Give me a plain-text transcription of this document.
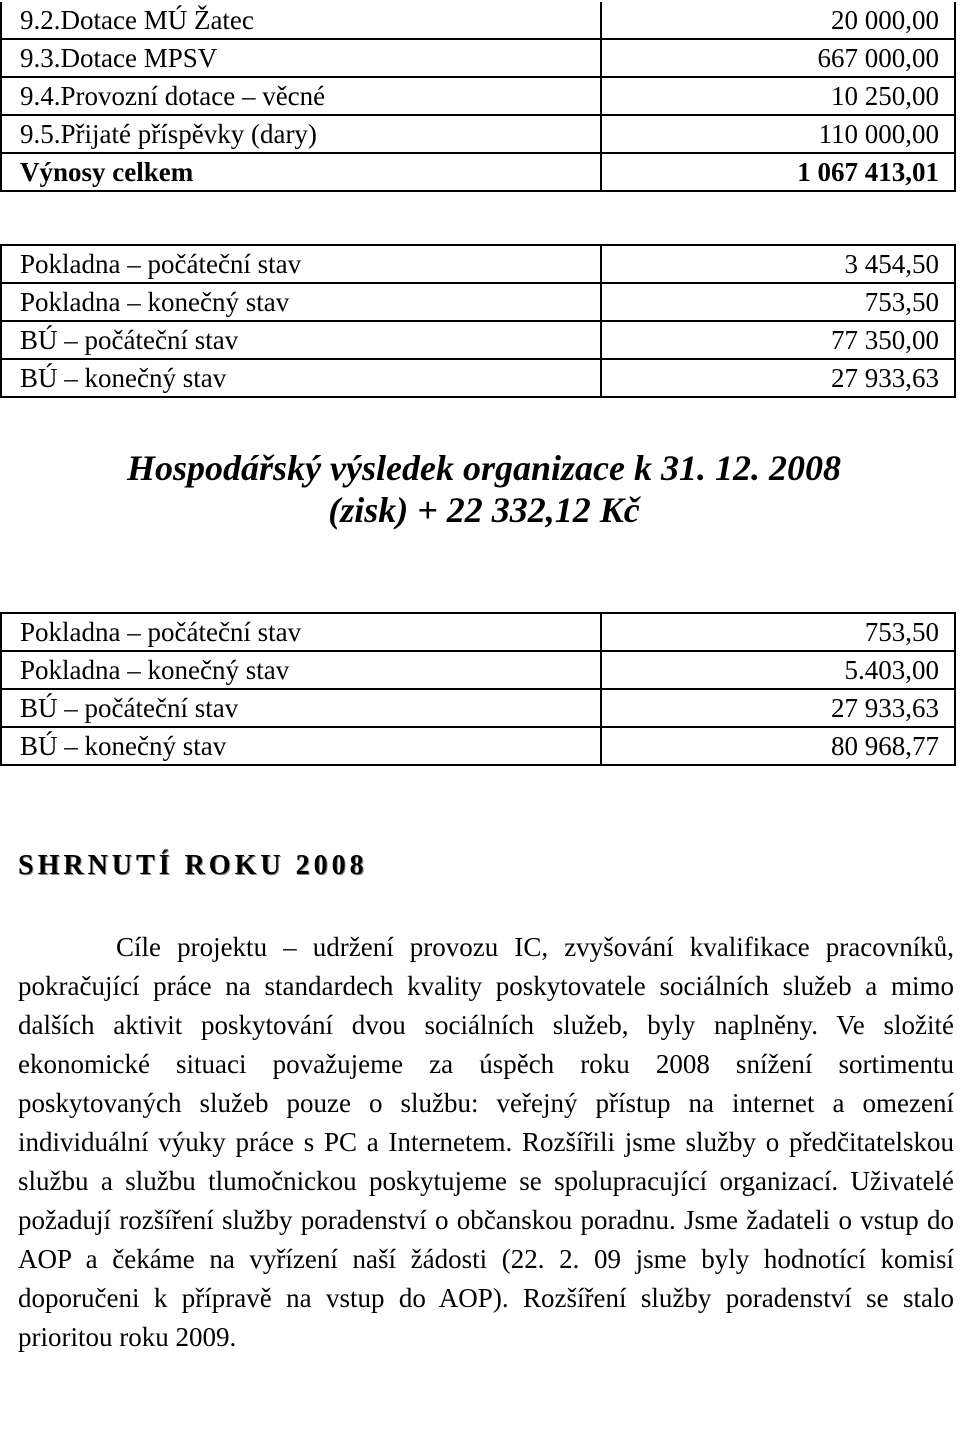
9.2.Dotace MÚ Žatec	20 000,00
9.3.Dotace MPSV	667 000,00
9.4.Provozní dotace – věcné	10 250,00
9.5.Přijaté příspěvky (dary)	110 000,00
Výnosy celkem	1 067 413,01
Pokladna – počáteční stav	3 454,50
Pokladna – konečný stav	753,50
BÚ – počáteční stav	77 350,00
BÚ – konečný stav	27 933,63
Hospodářský výsledek organizace k 31. 12. 2008
(zisk) + 22 332,12 Kč
Pokladna – počáteční stav	753,50
Pokladna – konečný stav	5.403,00
BÚ – počáteční stav	27 933,63
BÚ – konečný stav	80 968,77
SHRNUTÍ ROKU 2008

Cíle projektu – udržení provozu IC, zvyšování kvalifikace pracovníků, pokračující práce na standardech kvality poskytovatele sociálních služeb a mimo dalších aktivit poskytování dvou sociálních služeb, byly naplněny. Ve složité ekonomické situaci považujeme za úspěch roku 2008 snížení sortimentu poskytovaných služeb pouze o službu: veřejný přístup na internet a omezení individuální výuky práce s PC a Internetem. Rozšířili jsme služby o předčitatelskou službu a službu tlumočnickou poskytujeme se spolupracující organizací. Uživatelé požadují rozšíření služby poradenství o občanskou poradnu. Jsme žadateli o vstup do AOP a čekáme na vyřízení naší žádosti (22. 2. 09 jsme byly hodnotící komisí doporučeni k přípravě na vstup do AOP). Rozšíření služby poradenství se stalo prioritou roku 2009.
